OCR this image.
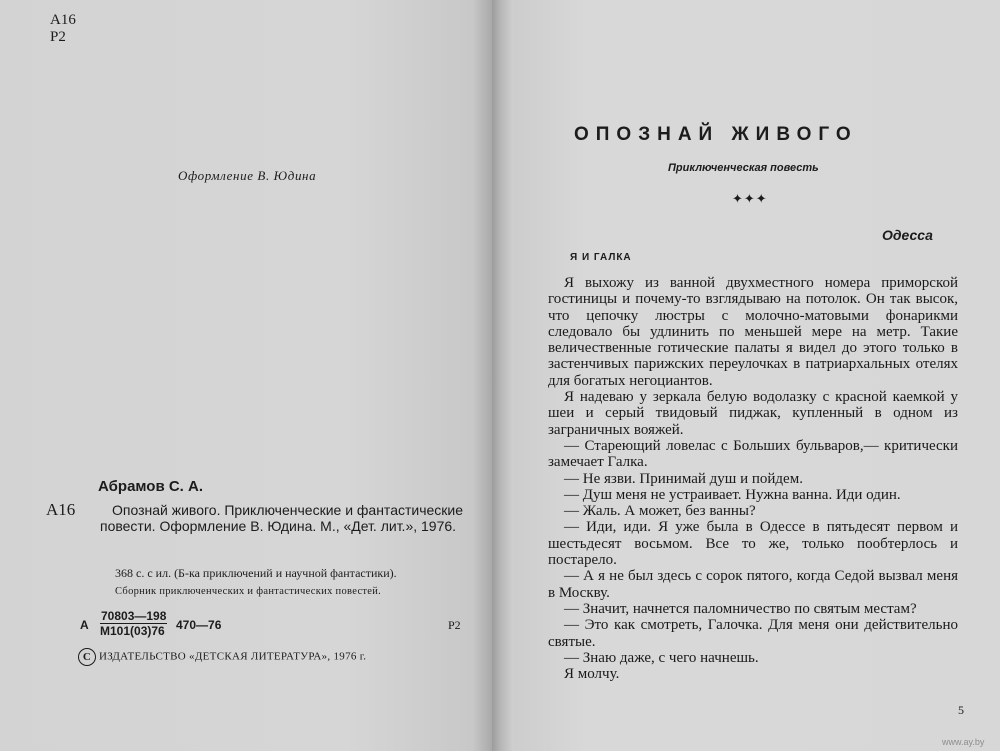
А16
Р2
Оформление В. Юдина
Абрамов С. А.
А16	Опознай живого. Приключенческие и фантастические повести. Оформление В. Юдина. М., «Дет. лит.», 1976.
368 с. с ил. (Б-ка приключений и научной фантастики).
Сборник приключенческих и фантастических повестей.
А
70803—198
М101(03)76 470—76	Р2
С ИЗДАТЕЛЬСТВО «ДЕТСКАЯ ЛИТЕРАТУРА», 1976 г.
ОПОЗНАЙ ЖИВОГО
Приключенческая повесть
✦✦✦
Одесса
Я И ГАЛКА

Я выхожу из ванной двухместного номера приморской гостиницы и почему-то взглядываю на потолок. Он так высок, что цепочку люстры с молочно-матовыми фонарикми следовало бы удлинить по меньшей мере на метр. Такие величественные готические палаты я видел до этого только в застенчивых парижских переулочках в патриархальных отелях для богатых негоциантов.

Я надеваю у зеркала белую водолазку с красной каемкой у шеи и серый твидовый пиджак, купленный в одном из заграничных вояжей.

— Стареющий ловелас с Больших бульваров,— критически замечает Галка.

— Не язви. Принимай душ и пойдем.

— Душ меня не устраивает. Нужна ванна. Иди один.

— Жаль. А может, без ванны?

— Иди, иди. Я уже была в Одессе в пятьдесят первом и шестьдесят восьмом. Все то же, только пообтерлось и постарело.

— А я не был здесь с сорок пятого, когда Седой вызвал меня в Москву.

— Значит, начнется паломничество по святым местам?

— Это как смотреть, Галочка. Для меня они действительно святые.

— Знаю даже, с чего начнешь.

Я молчу.

5
www.ay.by
